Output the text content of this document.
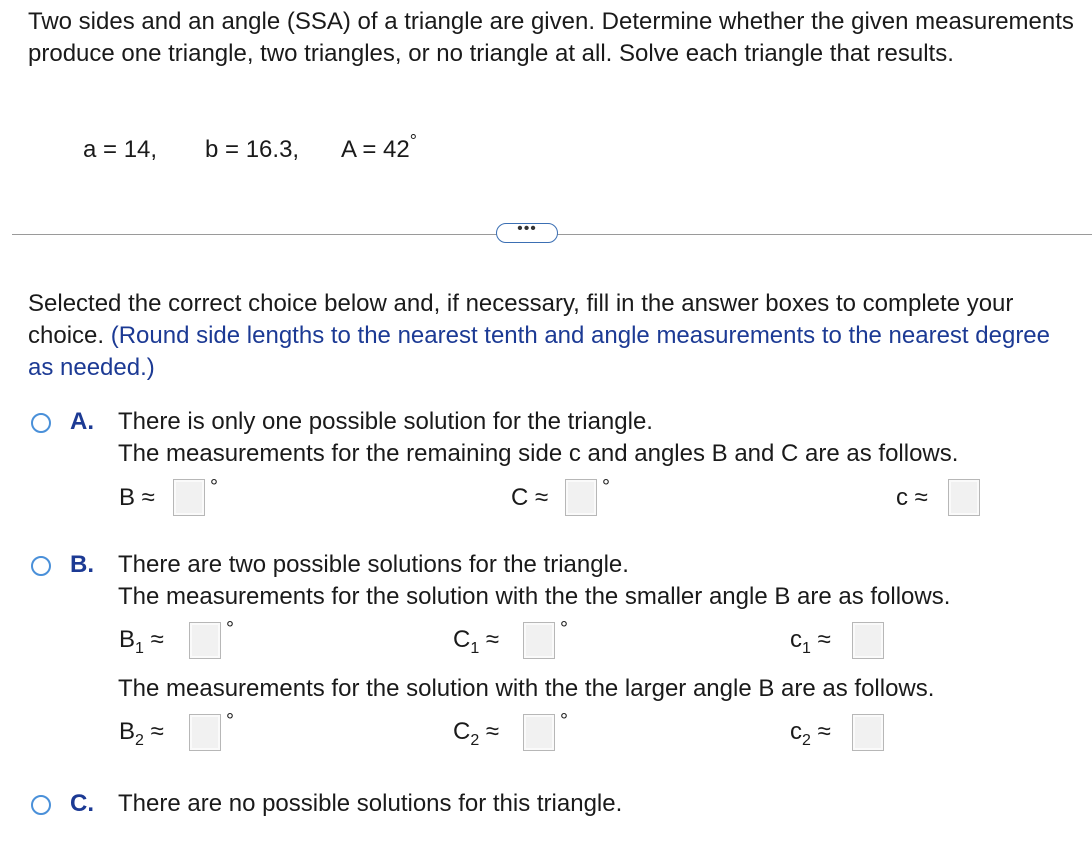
Two sides and an angle (SSA) of a triangle are given. Determine whether the given measurements produce one triangle, two triangles, or no triangle at all. Solve each triangle that results.
a = 14, b = 16.3, A = 42°
•••
Selected the correct choice below and, if necessary, fill in the answer boxes to complete your choice. (Round side lengths to the nearest tenth and angle measurements to the nearest degree as needed.)
A. There is only one possible solution for the triangle.
The measurements for the remaining side c and angles B and C are as follows.
B ≈	°	C ≈	°	c ≈
B. There are two possible solutions for the triangle.
The measurements for the solution with the the smaller angle B are as follows.
$B_1$ ≈	°	$C_1$ ≈	°	$c_1$ ≈
The measurements for the solution with the the larger angle B are as follows.
$B_2$ ≈	°	$C_2$ ≈	°	$c_2$ ≈
C. There are no possible solutions for this triangle.
